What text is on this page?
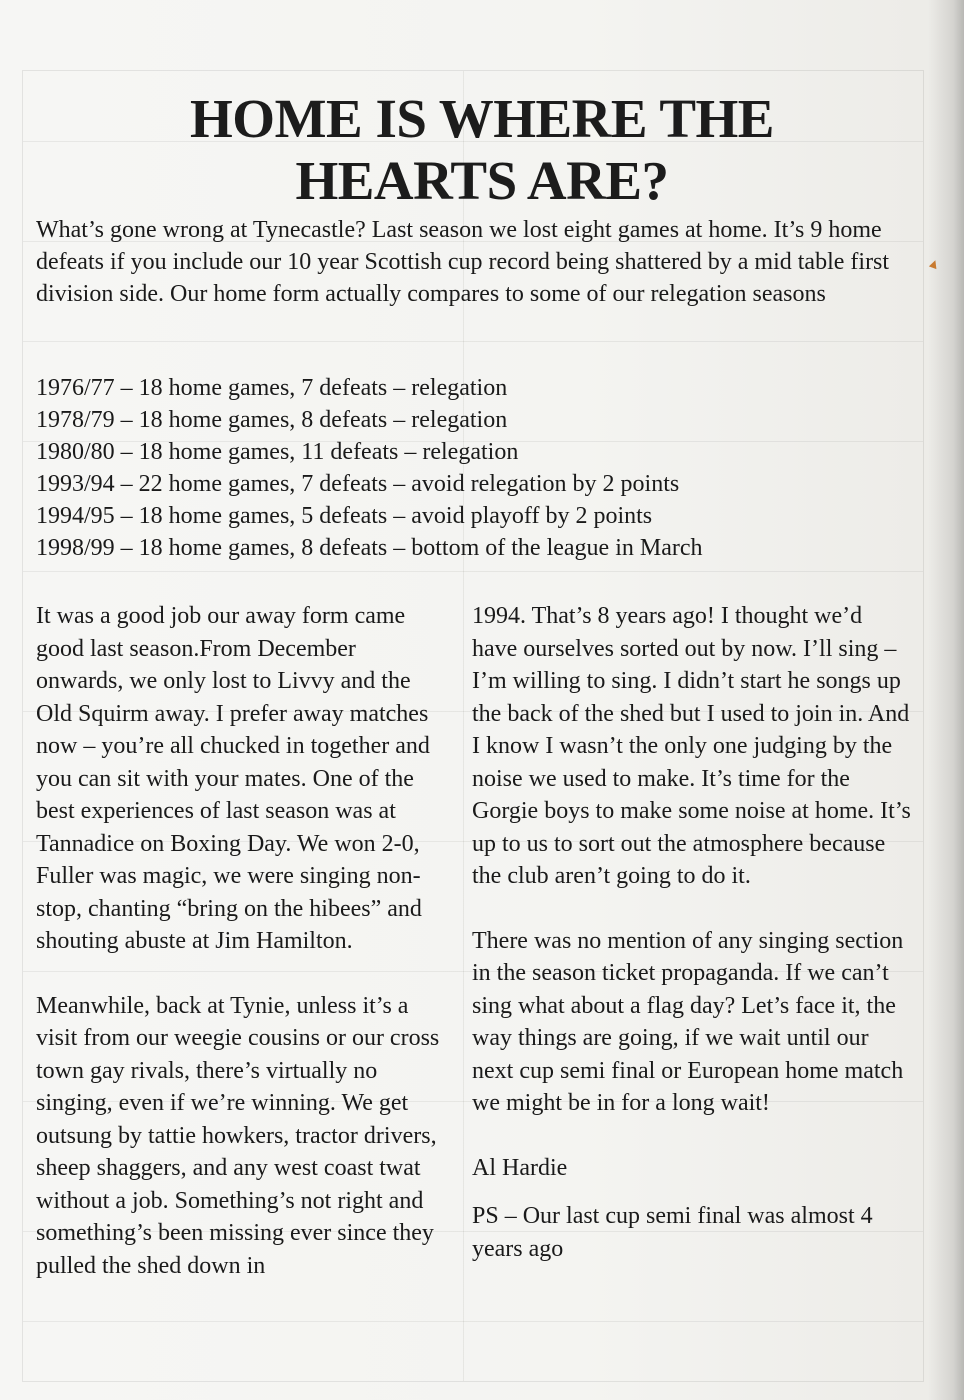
HOME IS WHERE THE
HEARTS ARE?

What’s gone wrong at Tynecastle? Last season we lost eight games at home. It’s 9 home defeats if you include our 10 year Scottish cup record being shattered by a mid table first division side. Our home form actually compares to some of our relegation seasons

1976/77 – 18 home games, 7 defeats – relegation
1978/79 – 18 home games, 8 defeats – relegation
1980/80 – 18 home games, 11 defeats – relegation
1993/94 – 22 home games, 7 defeats – avoid relegation by 2 points
1994/95 – 18 home games, 5 defeats – avoid playoff by 2 points
1998/99 – 18 home games, 8 defeats – bottom of the league in March

It was a good job our away form came good last season.From December onwards, we only lost to Livvy and the Old Squirm away. I prefer away matches now – you’re all chucked in together and you can sit with your mates. One of the best experiences of last season was at Tannadice on Boxing Day. We won 2-0, Fuller was magic, we were singing non-stop, chanting “bring on the hibees” and shouting abuste at Jim Hamilton.

Meanwhile, back at Tynie, unless it’s a visit from our weegie cousins or our cross town gay rivals, there’s virtually no singing, even if we’re winning. We get outsung by tattie howkers, tractor drivers, sheep shaggers, and any west coast twat without a job. Something’s not right and something’s been missing ever since they pulled the shed down in

1994. That’s 8 years ago! I thought we’d have ourselves sorted out by now. I’ll sing – I’m willing to sing. I didn’t start he songs up the back of the shed but I used to join in. And I know I wasn’t the only one judging by the noise we used to make. It’s time for the Gorgie boys to make some noise at home. It’s up to us to sort out the atmosphere because the club aren’t going to do it.

There was no mention of any singing section in the season ticket propaganda. If we can’t sing what about a flag day? Let’s face it, the way things are going, if we wait until our next cup semi final or European home match we might be in for a long wait!

Al Hardie

PS – Our last cup semi final was almost 4 years ago
